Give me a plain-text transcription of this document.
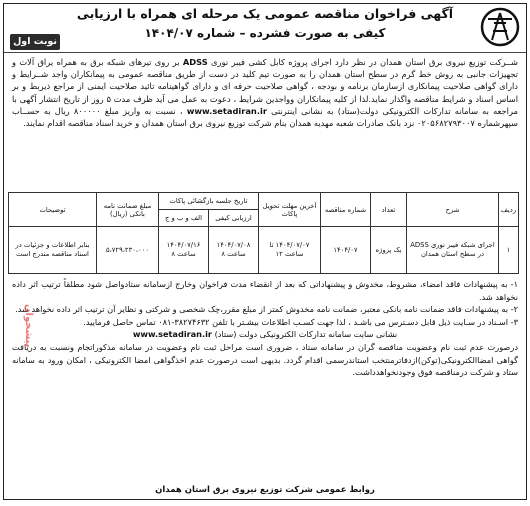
آگهی فراخوان مناقصه عمومی یک مرحله ای همراه با ارزیابی
کیفی به صورت فشرده – شماره ۱۴۰۴/۰۷
نوبت اول
شــرکت توزیع نیروی برق استان همدان در نظر دارد اجرای پروژه کابل کشی فیبر نوری ADSS بر روی تیرهای شبکه برق به همراه یراق آلات و تجهیزات جانبی به روش خط گرم در سطح استان همدان را به صورت تیم کلید در دست از طریق مناقصه عمومی به پیمانکاران واجد شــرایط و دارای گواهی صلاحیت پیمانکاری ازسازمان برنامه و بودجه ، گواهی صلاحیت حرفه ای و دارای گواهینامه تائید صلاحیت ایمنی از مراجع ذیربط و بر اساس اسناد و شرایط مناقصه واگذار نماید.لذا از کلیه پیمانکاران وواجدین شرایط ، دعوت به عمل می آید ظرف مدت ۵ روز از تاریخ انتشار آگهی با مراجعه به سامانه تدارکات الکترونیکی دولت(ستاد) به نشانی اینترنتی www.setadiran.ir ، نسبت به واریز مبلغ ۸۰۰۰۰۰ ریال به حســاب سپهرشماره ۰۲۰۵۶۸۲۷۹۳۰۰۷ نزد بانک صادرات شعبه مهدیه همدان بنام شرکت توزیع نیروی برق استان همدان و خرید اسناد مناقصه اقدام نمایند.
ردیف	شرح	تعداد	شماره مناقصه	آخرین مهلت تحویل پاکات	تاریخ جلسه بازگشائی پاکات		مبلغ ضمانت نامه بانکی (ریال)	توضیحات
					ارزیابی کیفی	الف و ب و ج		
۱	اجرای شبکه فیبر نوری ADSS در سطح استان همدان	یک پروژه	۱۴۰۴/۰۷	۱۴۰۴/۰۷/۰۷ تا ساعت ۱۲	۱۴۰۴/۰۷/۰۸ ساعت ۸	۱۴۰۴/۰۷/۱۶ ساعت ۸	۵،۷۲۹،۲۳۰،۰۰۰	بنابر اطلاعات و جزئیات در اسناد مناقصه مندرج است

۱- به پیشنهادات فاقد امضاء، مشروط، مخدوش و پیشنهاداتی که بعد از انقضاء مدت فراخوان وخارج ازسامانه ستادواصل شود مطلقاً ترتیب اثر داده نخواهد شد.

۲- به پیشنهادات فاقد ضمانت نامه بانکی معتبر، ضمانت نامه مخدوش کمتر از مبلغ مقرر،چک شخصی و شرکتی و نظایر آن ترتیب اثر داده نخواهد شد.

۳- اسـناد در سـایت ذیل قابل دسـترس می باشـد ، لذا جهت کسـب اطلاعات بیشـتر با تلفن ۳۸۲۷۴۶۳۲-۰۸۱ تماس حاصل فرمایید.

نشانی سایت سامانه تدارکات الکترونیکی دولت (ستاد) www.setadiran.ir

درصورت عدم ثبت نام وعضویت مناقصه گران در سامانه ستاد ، ضروری است مراحل ثبت نام وعضویت در سامانه مذکوراتجام ونسبت به دریافت گواهی امضاالکترونیکی(توکن)ازدفاترمنتخب استاندرسمی اقدام گردد. بدیهی است درصورت عدم اخذگواهی امضا الکترونیکی ، امکان ورود به سامانه ستاد و شرکت درمناقصه فوق وجودنخواهدداشت.

پیشخوان
روابط عمومی شرکت توزیع نیروی برق استان همدان
